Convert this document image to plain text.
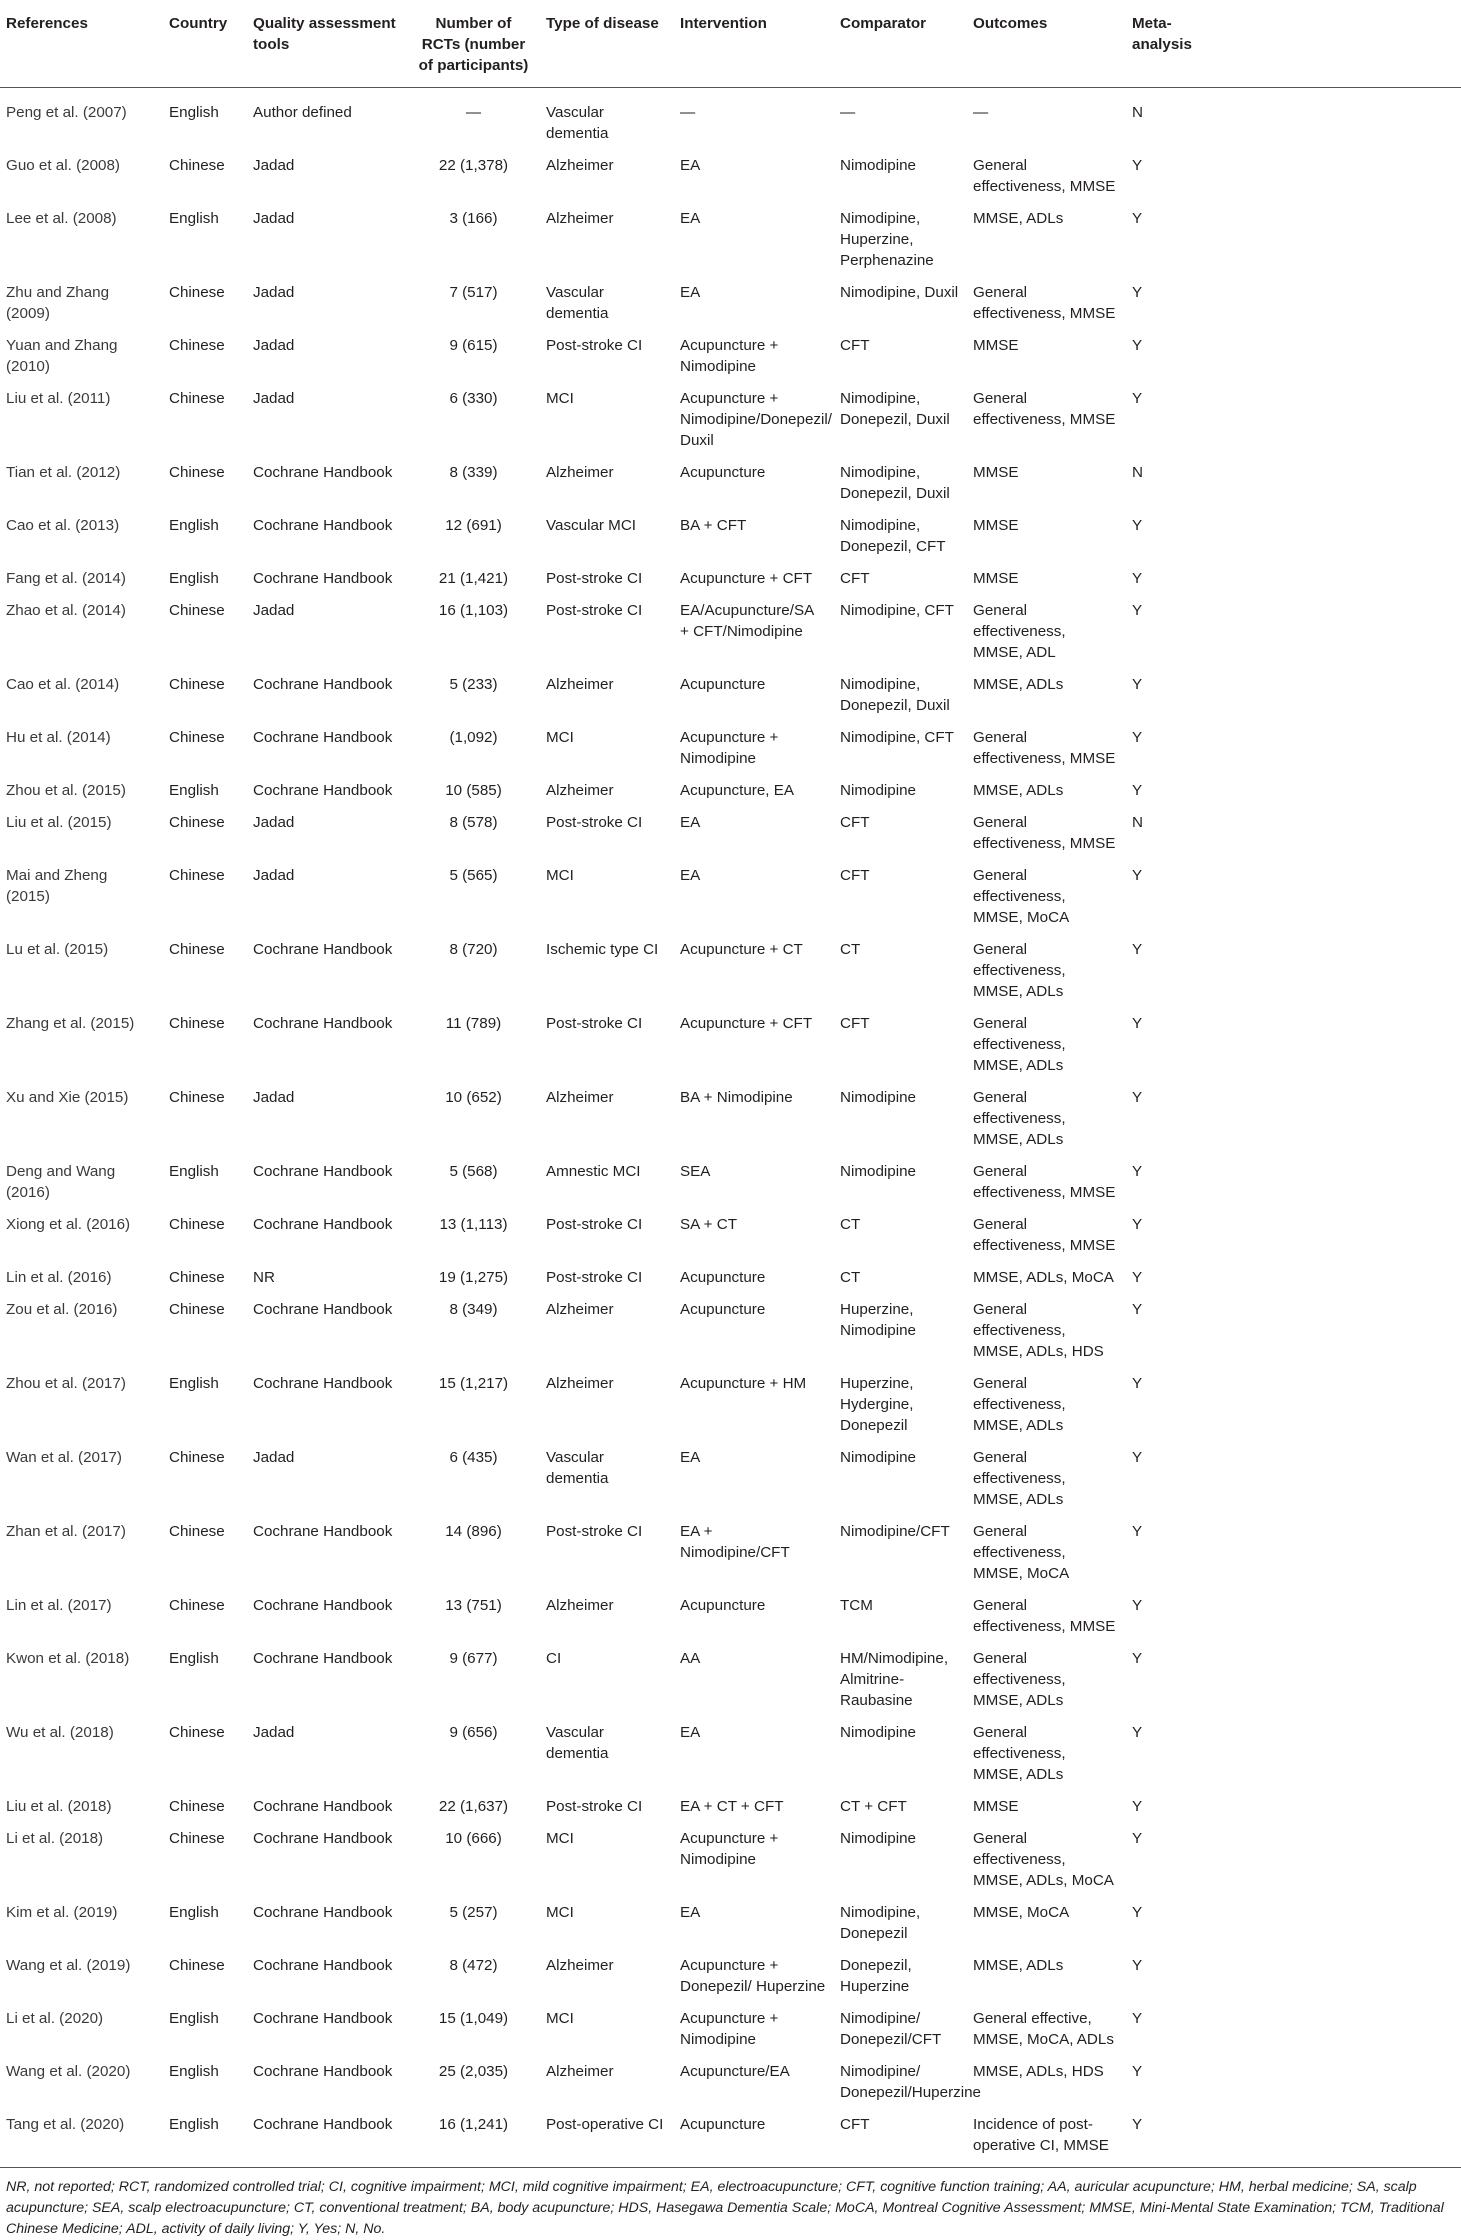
References	Country	Quality assessment tools	Number of RCTs (number of participants)	Type of disease	Intervention	Comparator	Outcomes	Meta-analysis
Peng et al. (2007)	English	Author defined	—	Vascular dementia	—	—	—	N
Guo et al. (2008)	Chinese	Jadad	22 (1,378)	Alzheimer	EA	Nimodipine	General effectiveness, MMSE	Y
Lee et al. (2008)	English	Jadad	3 (166)	Alzheimer	EA	Nimodipine, Huperzine, Perphenazine	MMSE, ADLs	Y
Zhu and Zhang (2009)	Chinese	Jadad	7 (517)	Vascular dementia	EA	Nimodipine, Duxil	General effectiveness, MMSE	Y
Yuan and Zhang (2010)	Chinese	Jadad	9 (615)	Post-stroke CI	Acupuncture + Nimodipine	CFT	MMSE	Y
Liu et al. (2011)	Chinese	Jadad	6 (330)	MCI	Acupuncture + Nimodipine/Donepezil/ Duxil	Nimodipine, Donepezil, Duxil	General effectiveness, MMSE	Y
Tian et al. (2012)	Chinese	Cochrane Handbook	8 (339)	Alzheimer	Acupuncture	Nimodipine, Donepezil, Duxil	MMSE	N
Cao et al. (2013)	English	Cochrane Handbook	12 (691)	Vascular MCI	BA + CFT	Nimodipine, Donepezil, CFT	MMSE	Y
Fang et al. (2014)	English	Cochrane Handbook	21 (1,421)	Post-stroke CI	Acupuncture + CFT	CFT	MMSE	Y
Zhao et al. (2014)	Chinese	Jadad	16 (1,103)	Post-stroke CI	EA/Acupuncture/SA + CFT/Nimodipine	Nimodipine, CFT	General effectiveness, MMSE, ADL	Y
Cao et al. (2014)	Chinese	Cochrane Handbook	5 (233)	Alzheimer	Acupuncture	Nimodipine, Donepezil, Duxil	MMSE, ADLs	Y
Hu et al. (2014)	Chinese	Cochrane Handbook	(1,092)	MCI	Acupuncture + Nimodipine	Nimodipine, CFT	General effectiveness, MMSE	Y
Zhou et al. (2015)	English	Cochrane Handbook	10 (585)	Alzheimer	Acupuncture, EA	Nimodipine	MMSE, ADLs	Y
Liu et al. (2015)	Chinese	Jadad	8 (578)	Post-stroke CI	EA	CFT	General effectiveness, MMSE	N
Mai and Zheng (2015)	Chinese	Jadad	5 (565)	MCI	EA	CFT	General effectiveness, MMSE, MoCA	Y
Lu et al. (2015)	Chinese	Cochrane Handbook	8 (720)	Ischemic type CI	Acupuncture + CT	CT	General effectiveness, MMSE, ADLs	Y
Zhang et al. (2015)	Chinese	Cochrane Handbook	11 (789)	Post-stroke CI	Acupuncture + CFT	CFT	General effectiveness, MMSE, ADLs	Y
Xu and Xie (2015)	Chinese	Jadad	10 (652)	Alzheimer	BA + Nimodipine	Nimodipine	General effectiveness, MMSE, ADLs	Y
Deng and Wang (2016)	English	Cochrane Handbook	5 (568)	Amnestic MCI	SEA	Nimodipine	General effectiveness, MMSE	Y
Xiong et al. (2016)	Chinese	Cochrane Handbook	13 (1,113)	Post-stroke CI	SA + CT	CT	General effectiveness, MMSE	Y
Lin et al. (2016)	Chinese	NR	19 (1,275)	Post-stroke CI	Acupuncture	CT	MMSE, ADLs, MoCA	Y
Zou et al. (2016)	Chinese	Cochrane Handbook	8 (349)	Alzheimer	Acupuncture	Huperzine, Nimodipine	General effectiveness, MMSE, ADLs, HDS	Y
Zhou et al. (2017)	English	Cochrane Handbook	15 (1,217)	Alzheimer	Acupuncture + HM	Huperzine, Hydergine, Donepezil	General effectiveness, MMSE, ADLs	Y
Wan et al. (2017)	Chinese	Jadad	6 (435)	Vascular dementia	EA	Nimodipine	General effectiveness, MMSE, ADLs	Y
Zhan et al. (2017)	Chinese	Cochrane Handbook	14 (896)	Post-stroke CI	EA + Nimodipine/CFT	Nimodipine/CFT	General effectiveness, MMSE, MoCA	Y
Lin et al. (2017)	Chinese	Cochrane Handbook	13 (751)	Alzheimer	Acupuncture	TCM	General effectiveness, MMSE	Y
Kwon et al. (2018)	English	Cochrane Handbook	9 (677)	CI	AA	HM/Nimodipine, Almitrine-Raubasine	General effectiveness, MMSE, ADLs	Y
Wu et al. (2018)	Chinese	Jadad	9 (656)	Vascular dementia	EA	Nimodipine	General effectiveness, MMSE, ADLs	Y
Liu et al. (2018)	Chinese	Cochrane Handbook	22 (1,637)	Post-stroke CI	EA + CT + CFT	CT + CFT	MMSE	Y
Li et al. (2018)	Chinese	Cochrane Handbook	10 (666)	MCI	Acupuncture + Nimodipine	Nimodipine	General effectiveness, MMSE, ADLs, MoCA	Y
Kim et al. (2019)	English	Cochrane Handbook	5 (257)	MCI	EA	Nimodipine, Donepezil	MMSE, MoCA	Y
Wang et al. (2019)	Chinese	Cochrane Handbook	8 (472)	Alzheimer	Acupuncture + Donepezil/ Huperzine	Donepezil, Huperzine	MMSE, ADLs	Y
Li et al. (2020)	English	Cochrane Handbook	15 (1,049)	MCI	Acupuncture + Nimodipine	Nimodipine/ Donepezil/CFT	General effective, MMSE, MoCA, ADLs	Y
Wang et al. (2020)	English	Cochrane Handbook	25 (2,035)	Alzheimer	Acupuncture/EA	Nimodipine/ Donepezil/Huperzine	MMSE, ADLs, HDS	Y
Tang et al. (2020)	English	Cochrane Handbook	16 (1,241)	Post-operative CI	Acupuncture	CFT	Incidence of post-operative CI, MMSE	Y
NR, not reported; RCT, randomized controlled trial; CI, cognitive impairment; MCI, mild cognitive impairment; EA, electroacupuncture; CFT, cognitive function training; AA, auricular acupuncture; HM, herbal medicine; SA, scalp acupuncture; SEA, scalp electroacupuncture; CT, conventional treatment; BA, body acupuncture; HDS, Hasegawa Dementia Scale; MoCA, Montreal Cognitive Assessment; MMSE, Mini-Mental State Examination; TCM, Traditional Chinese Medicine; ADL, activity of daily living; Y, Yes; N, No.
